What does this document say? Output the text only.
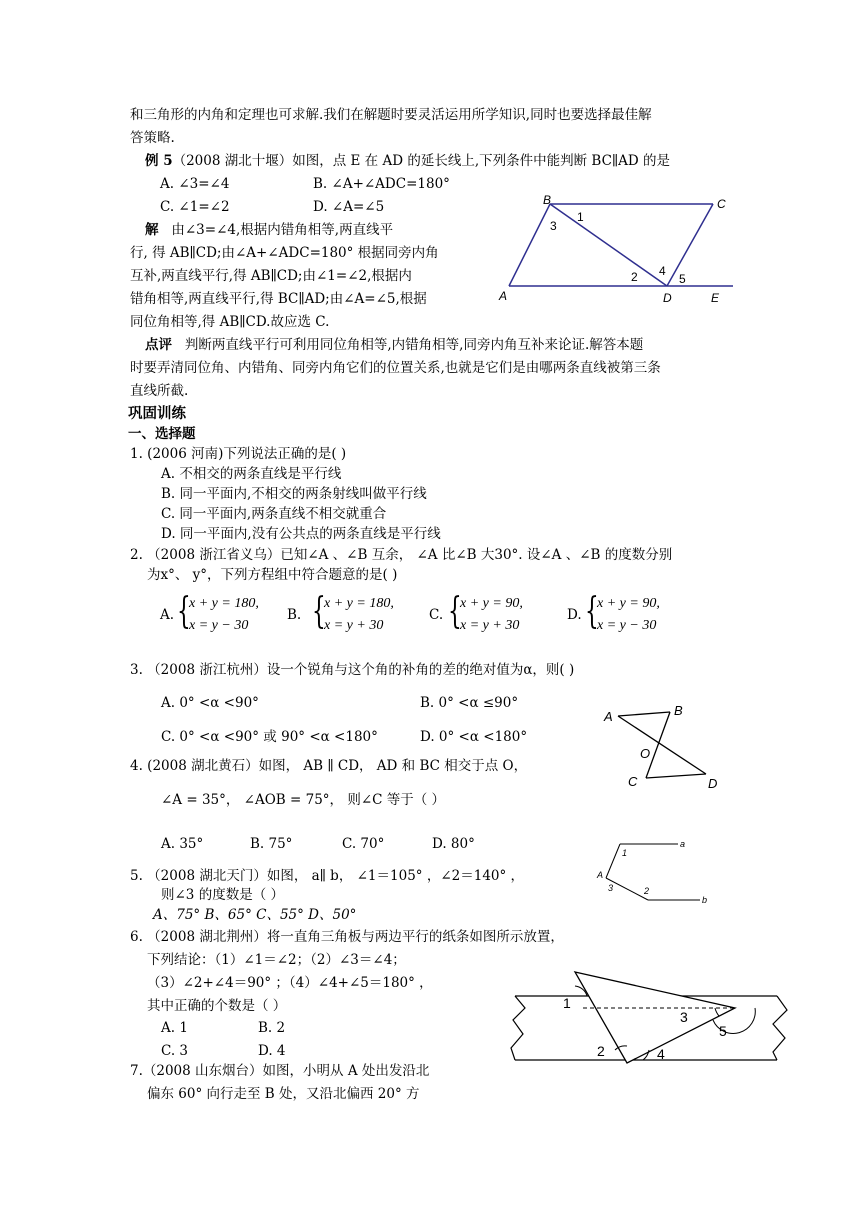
和三角形的内角和定理也可求解.我们在解题时要灵活运用所学知识,同时也要选择最佳解
答策略.
例 5（2008 湖北十堰）如图，点 E 在 AD 的延长线上,下列条件中能判断 BC∥AD 的是
A. ∠3=∠4	B. ∠A+∠ADC=180°
C. ∠1=∠2	D. ∠A=∠5
解 由∠3=∠4,根据内错角相等,两直线平
行, 得 AB∥CD;由∠A+∠ADC=180° 根据同旁内角
互补,两直线平行,得 AB∥CD;由∠1=∠2,根据内
错角相等,两直线平行,得 BC∥AD;由∠A=∠5,根据
同位角相等,得 AB∥CD.故应选 C.
点评 判断两直线平行可利用同位角相等,内错角相等,同旁内角互补来论证.解答本题
时要弄清同位角、内错角、同旁内角它们的位置关系,也就是它们是由哪两条直线被第三条
直线所截.
B	C
A	D	E
1
3
2 4
5
巩固训练
一、选择题
1. (2006 河南)下列说法正确的是( )
A. 不相交的两条直线是平行线
B. 同一平面内,不相交的两条射线叫做平行线
C. 同一平面内,两条直线不相交就重合
D. 同一平面内,没有公共点的两条直线是平行线
2. （2008 浙江省义乌）已知∠A 、∠B 互余， ∠A 比∠B 大30°. 设∠A 、∠B 的度数分别
为x°、 y°，下列方程组中符合题意的是( )
A. {
x + y = 180,
x = y − 30
B. {
x + y = 180,
x = y + 30
C. {
x + y = 90,
x = y + 30
D. {
x + y = 90,
x = y − 30
3. （2008 浙江杭州）设一个锐角与这个角的补角的差的绝对值为α，则( )
A. 0° <α <90°	B. 0° <α ≤90°
C. 0° <α <90° 或 90° <α <180°	D. 0° <α <180°
A	B
O
C	D
4. (2008 湖北黄石）如图， AB ∥ CD， AD 和 BC 相交于点 O，
∠A = 35°， ∠AOB = 75°， 则∠C 等于（ ）
A. 35°	B. 75°	C. 70°	D. 80°	a
b
A
1
2
3
5. （2008 湖北天门）如图， a∥ b， ∠1＝105° ，∠2＝140° ，
则∠3 的度数是（ ）
A、75° B、65° C、55° D、50°
6. （2008 湖北荆州）将一直角三角板与两边平行的纸条如图所示放置，
下列结论：（1）∠1＝∠2；（2）∠3＝∠4；
（3）∠2+∠4＝90° ；（4）∠4+∠5＝180° ，
其中正确的个数是（ ）
A. 1	B. 2
C. 3	D. 4
1
2
3
4
5
7.（2008 山东烟台）如图，小明从 A 处出发沿北
偏东 60° 向行走至 B 处，又沿北偏西 20° 方
